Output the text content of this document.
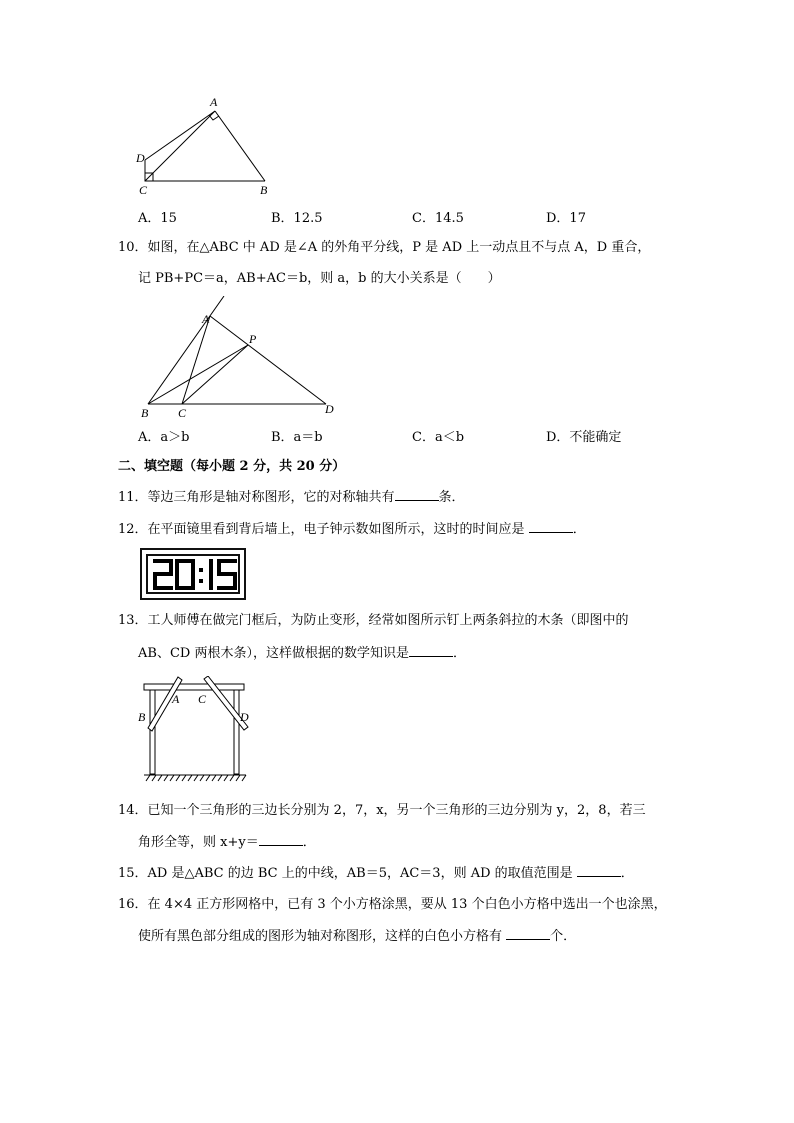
A
D
C	B
A．15	B．12.5	C．14.5	D．17
10．如图，在△ABC 中 AD 是∠A 的外角平分线，P 是 AD 上一动点且不与点 A，D 重合，
记 PB+PC＝a，AB+AC＝b，则 a，b 的大小关系是（　　）
A
P
B C	D
A．a＞b	B．a＝b	C．a＜b	D．不能确定
二、填空题（每小题 2 分，共 20 分）
11．等边三角形是轴对称图形，它的对称轴共有	条．
12．在平面镜里看到背后墙上，电子钟示数如图所示，这时的时间应是	．
13．工人师傅在做完门框后，为防止变形，经常如图所示钉上两条斜拉的木条（即图中的
AB、CD 两根木条），这样做根据的数学知识是	．
A
B
C
D
14．已知一个三角形的三边长分别为 2，7，x，另一个三角形的三边分别为 y，2，8，若三
角形全等，则 x+y＝	．
15．AD 是△ABC 的边 BC 上的中线，AB＝5，AC＝3，则 AD 的取值范围是	．
16．在 4×4 正方形网格中，已有 3 个小方格涂黑，要从 13 个白色小方格中选出一个也涂黑，
使所有黑色部分组成的图形为轴对称图形，这样的白色小方格有	个．
